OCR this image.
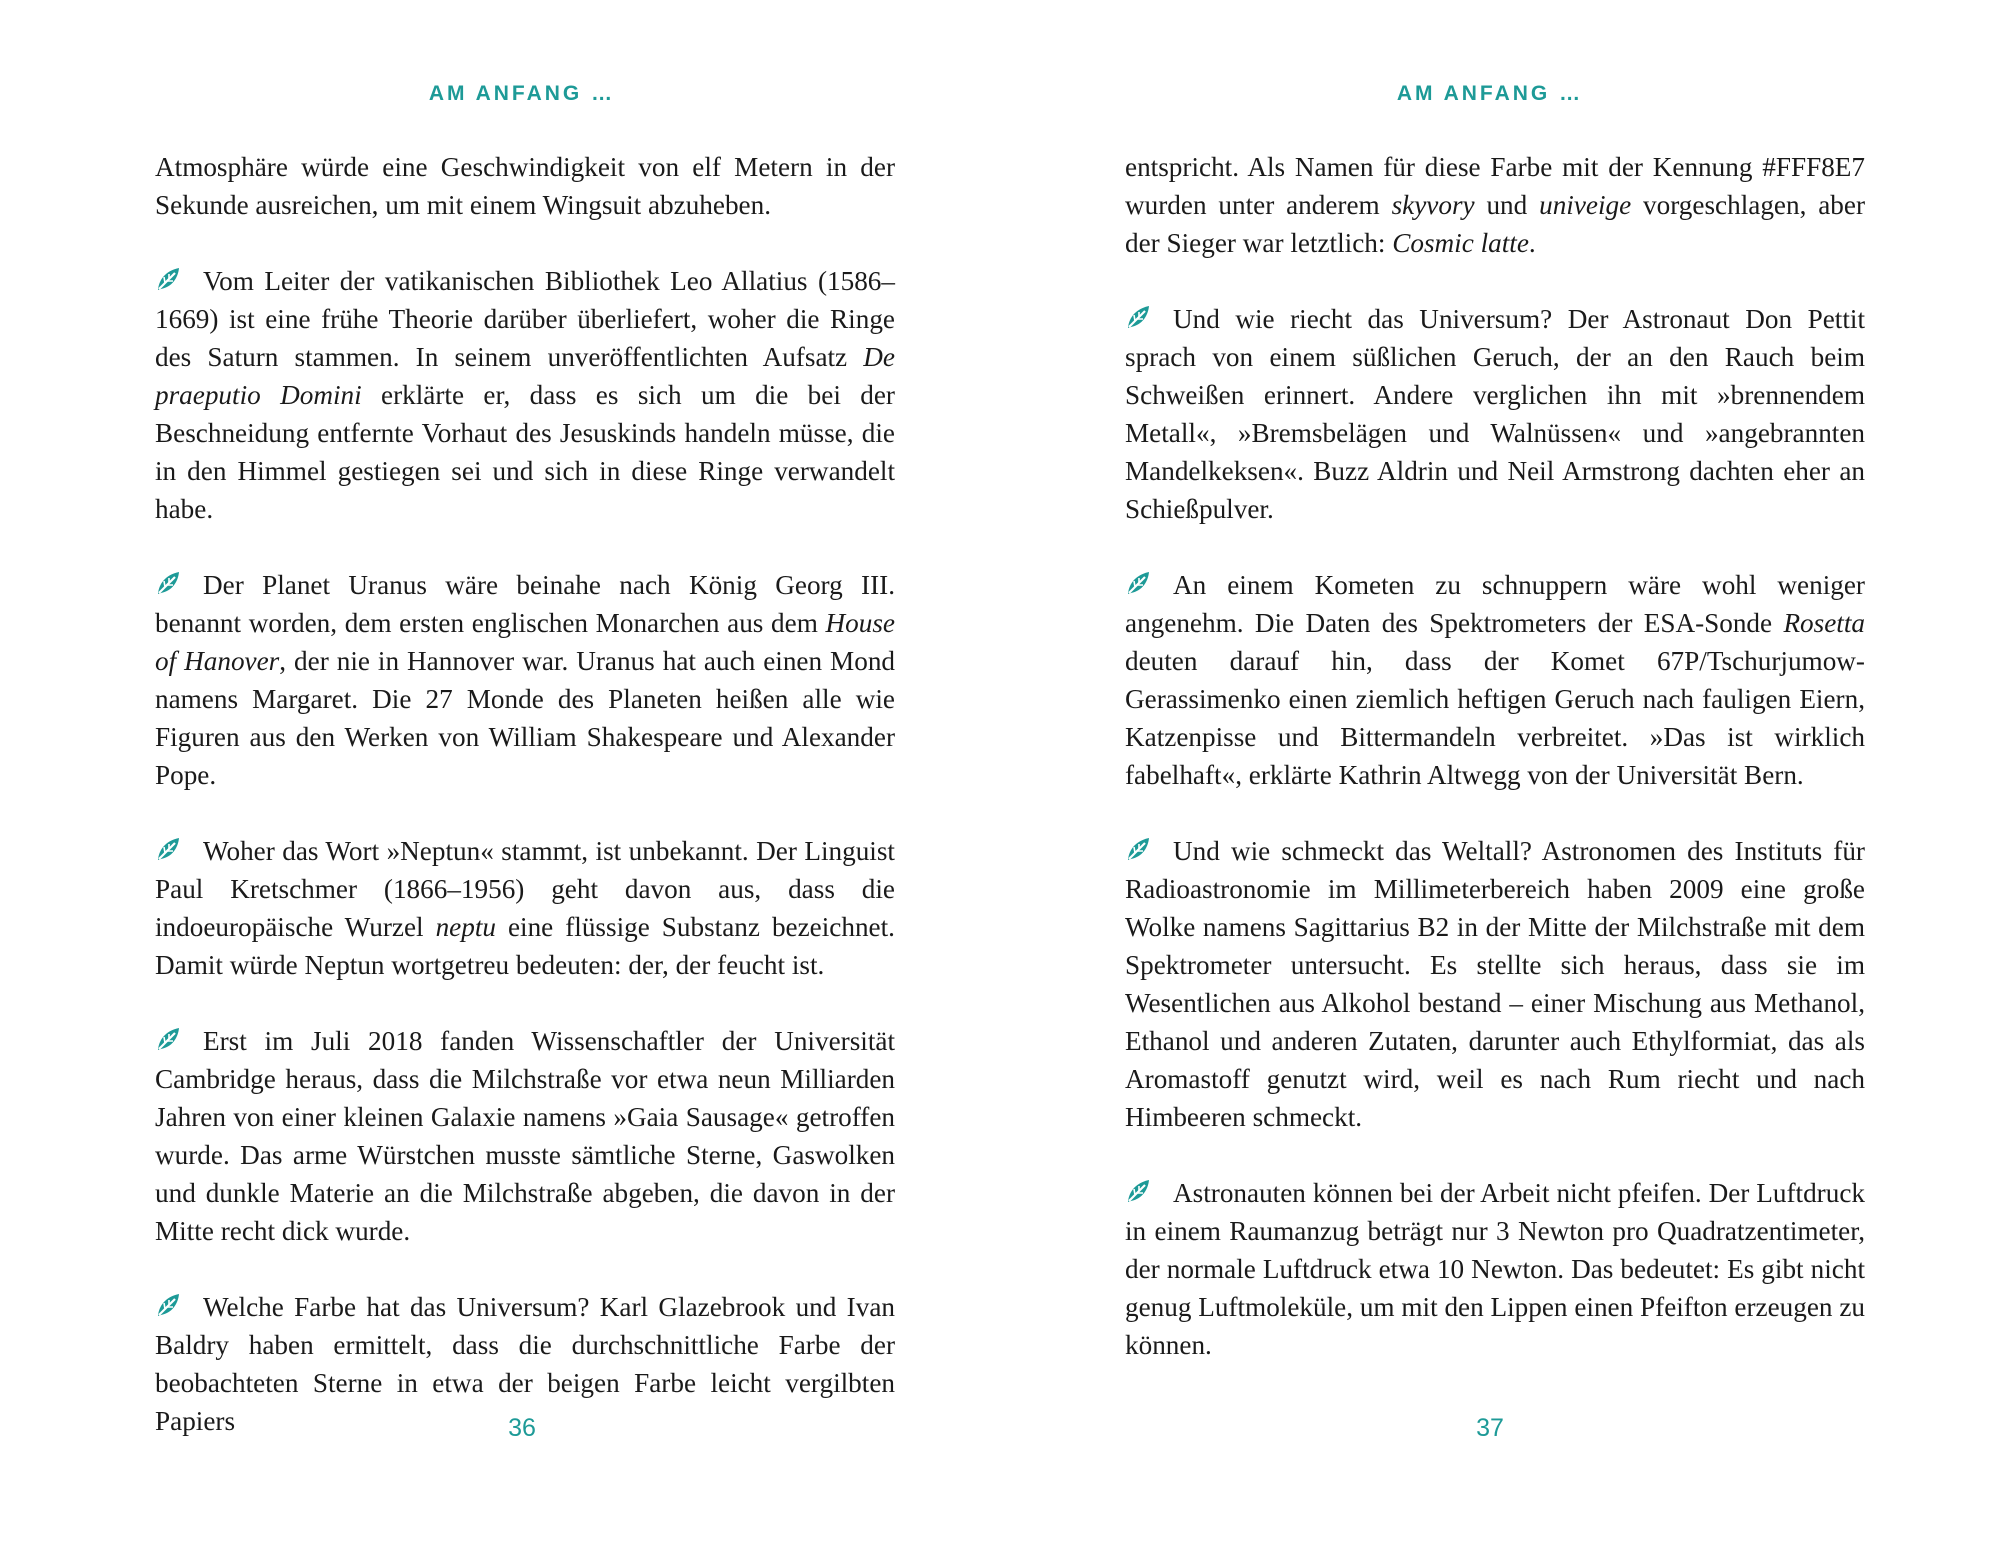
AM ANFANG …

Atmosphäre würde eine Geschwindigkeit von elf Metern in der Sekunde ausreichen, um mit einem Wingsuit abzuheben.

Vom Leiter der vatikanischen Bibliothek Leo Allatius (1586–1669) ist eine frühe Theorie darüber überliefert, woher die Ringe des Saturn stammen. In seinem unveröffentlichten Aufsatz De praeputio Domini erklärte er, dass es sich um die bei der Beschneidung entfernte Vorhaut des Jesuskinds handeln müsse, die in den Himmel gestiegen sei und sich in diese Ringe verwandelt habe.

Der Planet Uranus wäre beinahe nach König Georg III. benannt worden, dem ersten englischen Monarchen aus dem House of Hanover, der nie in Hannover war. Uranus hat auch einen Mond namens Margaret. Die 27 Monde des Planeten heißen alle wie Figuren aus den Werken von William Shakespeare und Alexander Pope.

Woher das Wort »Neptun« stammt, ist unbekannt. Der Linguist Paul Kretschmer (1866–1956) geht davon aus, dass die indoeuropäische Wurzel neptu eine flüssige Substanz bezeichnet. Damit würde Neptun wortgetreu bedeuten: der, der feucht ist.

Erst im Juli 2018 fanden Wissenschaftler der Universität Cambridge heraus, dass die Milchstraße vor etwa neun Milliarden Jahren von einer kleinen Galaxie namens »Gaia Sausage« getroffen wurde. Das arme Würstchen musste sämtliche Sterne, Gaswolken und dunkle Materie an die Milchstraße abgeben, die davon in der Mitte recht dick wurde.

Welche Farbe hat das Universum? Karl Glazebrook und Ivan Baldry haben ermittelt, dass die durchschnittliche Farbe der beobachteten Sterne in etwa der beigen Farbe leicht vergilbten Papiers	36
AM ANFANG …

entspricht. Als Namen für diese Farbe mit der Kennung #FFF8E7 wurden unter anderem skyvory und univeige vorgeschlagen, aber der Sieger war letztlich: Cosmic latte.

Und wie riecht das Universum? Der Astronaut Don Pettit sprach von einem süßlichen Geruch, der an den Rauch beim Schweißen erinnert. Andere verglichen ihn mit »brennendem Metall«, »Bremsbelägen und Walnüssen« und »angebrannten Mandelkeksen«. Buzz Aldrin und Neil Armstrong dachten eher an Schießpulver.

An einem Kometen zu schnuppern wäre wohl weniger angenehm. Die Daten des Spektrometers der ESA-Sonde Rosetta deuten darauf hin, dass der Komet 67P/Tschurjumow-Gerassimenko einen ziemlich heftigen Geruch nach fauligen Eiern, Katzenpisse und Bittermandeln verbreitet. »Das ist wirklich fabelhaft«, erklärte Kathrin Altwegg von der Universität Bern.

Und wie schmeckt das Weltall? Astronomen des Instituts für Radioastronomie im Millimeterbereich haben 2009 eine große Wolke namens Sagittarius B2 in der Mitte der Milchstraße mit dem Spektrometer untersucht. Es stellte sich heraus, dass sie im Wesentlichen aus Alkohol bestand – einer Mischung aus Methanol, Ethanol und anderen Zutaten, darunter auch Ethylformiat, das als Aromastoff genutzt wird, weil es nach Rum riecht und nach Himbeeren schmeckt.

Astronauten können bei der Arbeit nicht pfeifen. Der Luftdruck in einem Raumanzug beträgt nur 3 Newton pro Quadratzentimeter, der normale Luftdruck etwa 10 Newton. Das bedeutet: Es gibt nicht genug Luftmoleküle, um mit den Lippen einen Pfeifton erzeugen zu können.

37
